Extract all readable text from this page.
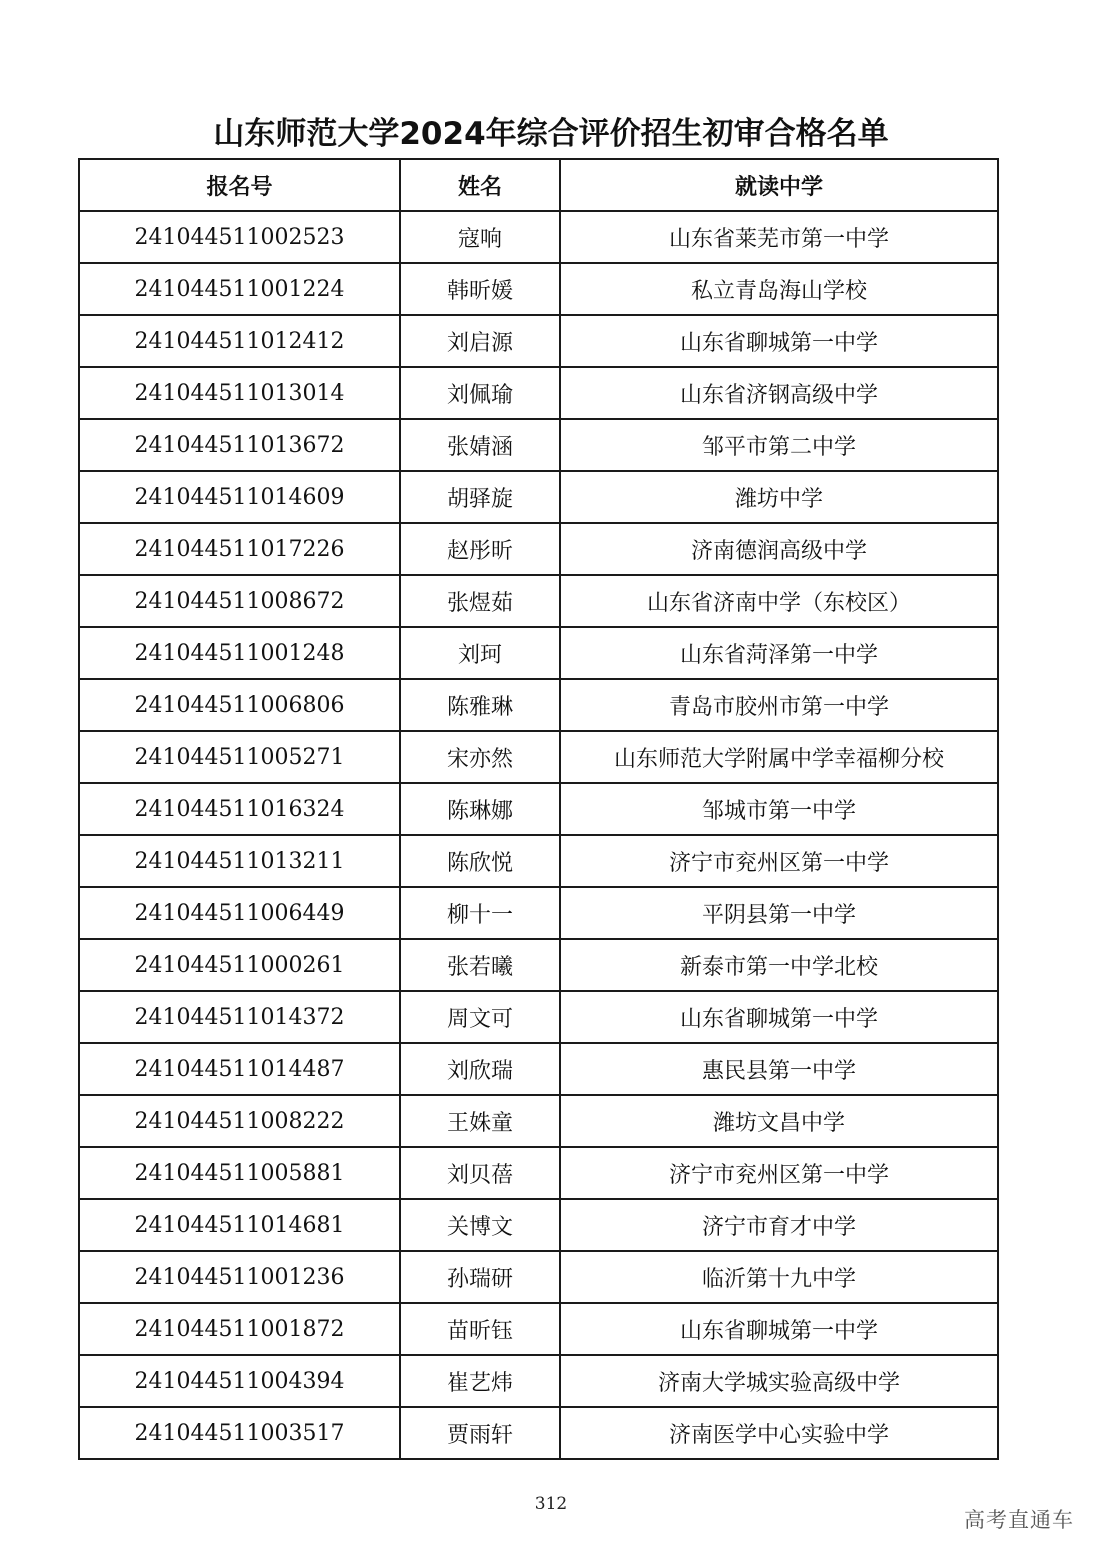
山东师范大学2024年综合评价招生初审合格名单
报名号	姓名	就读中学
241044511002523	寇响	山东省莱芜市第一中学
241044511001224	韩昕媛	私立青岛海山学校
241044511012412	刘启源	山东省聊城第一中学
241044511013014	刘佩瑜	山东省济钢高级中学
241044511013672	张婧涵	邹平市第二中学
241044511014609	胡驿旋	潍坊中学
241044511017226	赵彤昕	济南德润高级中学
241044511008672	张煜茹	山东省济南中学（东校区）
241044511001248	刘珂	山东省菏泽第一中学
241044511006806	陈雅琳	青岛市胶州市第一中学
241044511005271	宋亦然	山东师范大学附属中学幸福柳分校
241044511016324	陈琳娜	邹城市第一中学
241044511013211	陈欣悦	济宁市兖州区第一中学
241044511006449	柳十一	平阴县第一中学
241044511000261	张若曦	新泰市第一中学北校
241044511014372	周文可	山东省聊城第一中学
241044511014487	刘欣瑞	惠民县第一中学
241044511008222	王姝童	潍坊文昌中学
241044511005881	刘贝蓓	济宁市兖州区第一中学
241044511014681	关博文	济宁市育才中学
241044511001236	孙瑞研	临沂第十九中学
241044511001872	苗昕钰	山东省聊城第一中学
241044511004394	崔艺炜	济南大学城实验高级中学
241044511003517	贾雨轩	济南医学中心实验中学
312
高考直通车
